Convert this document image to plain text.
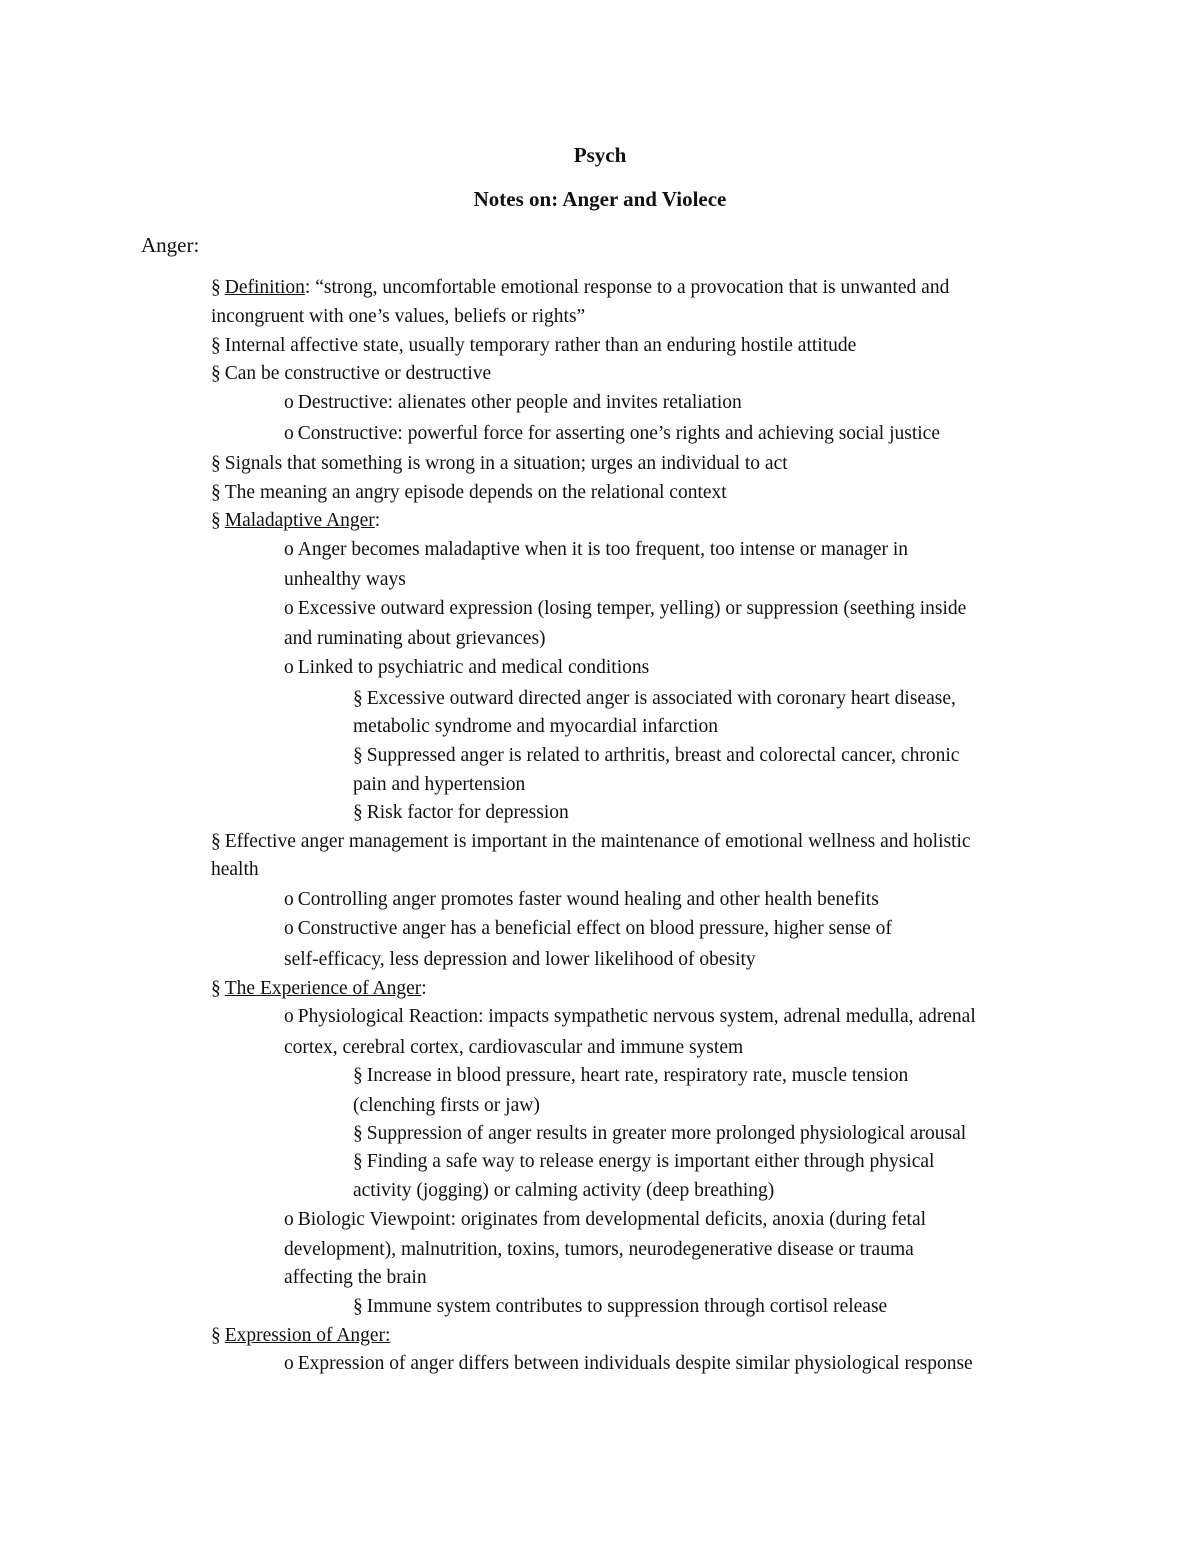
Psych
Notes on: Anger and Violece
Anger:
§ Definition: “strong, uncomfortable emotional response to a provocation that is unwanted and
incongruent with one’s values, beliefs or rights”
§ Internal affective state, usually temporary rather than an enduring hostile attitude
§ Can be constructive or destructive
o Destructive: alienates other people and invites retaliation
o Constructive: powerful force for asserting one’s rights and achieving social justice
§ Signals that something is wrong in a situation; urges an individual to act
§ The meaning an angry episode depends on the relational context
§ Maladaptive Anger:
o Anger becomes maladaptive when it is too frequent, too intense or manager in
unhealthy ways
o Excessive outward expression (losing temper, yelling) or suppression (seething inside
and ruminating about grievances)
o Linked to psychiatric and medical conditions
§ Excessive outward directed anger is associated with coronary heart disease,
metabolic syndrome and myocardial infarction
§ Suppressed anger is related to arthritis, breast and colorectal cancer, chronic
pain and hypertension
§ Risk factor for depression
§ Effective anger management is important in the maintenance of emotional wellness and holistic
health
o Controlling anger promotes faster wound healing and other health benefits
o Constructive anger has a beneficial effect on blood pressure, higher sense of
self-efficacy, less depression and lower likelihood of obesity
§ The Experience of Anger:
o Physiological Reaction: impacts sympathetic nervous system, adrenal medulla, adrenal
cortex, cerebral cortex, cardiovascular and immune system
§ Increase in blood pressure, heart rate, respiratory rate, muscle tension
(clenching firsts or jaw)
§ Suppression of anger results in greater more prolonged physiological arousal
§ Finding a safe way to release energy is important either through physical
activity (jogging) or calming activity (deep breathing)
o Biologic Viewpoint: originates from developmental deficits, anoxia (during fetal
development), malnutrition, toxins, tumors, neurodegenerative disease or trauma
affecting the brain
§ Immune system contributes to suppression through cortisol release
§ Expression of Anger:
o Expression of anger differs between individuals despite similar physiological response
